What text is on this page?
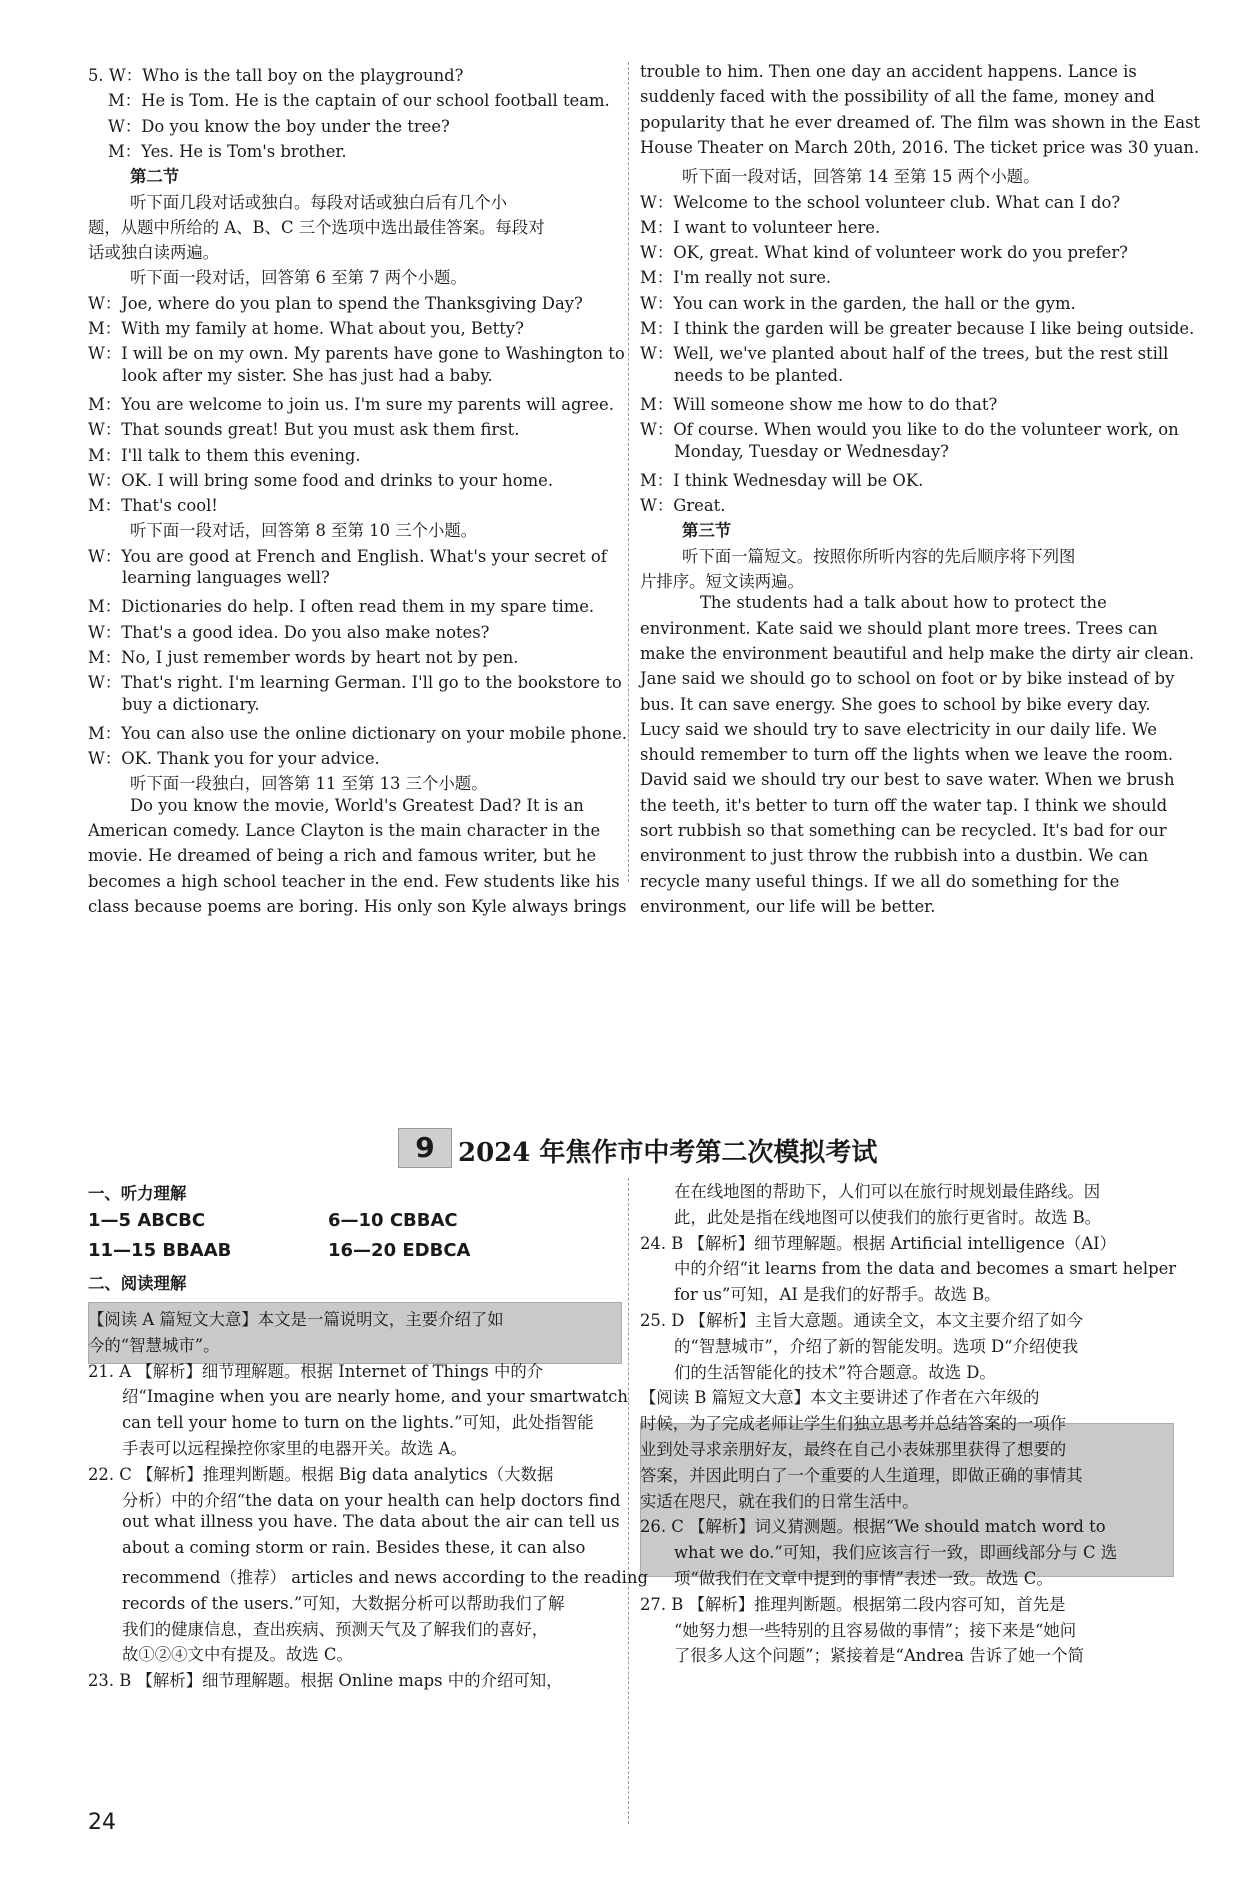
5. W：Who is the tall boy on the playground?
M：He is Tom. He is the captain of our school football team.
W：Do you know the boy under the tree?
M：Yes. He is Tom's brother.
第二节
听下面几段对话或独白。每段对话或独白后有几个小
题，从题中所给的 A、B、C 三个选项中选出最佳答案。每段对
话或独白读两遍。
听下面一段对话，回答第 6 至第 7 两个小题。
W：Joe, where do you plan to spend the Thanksgiving Day?
M：With my family at home. What about you, Betty?
W：I will be on my own. My parents have gone to Washington to
look after my sister. She has just had a baby.
M：You are welcome to join us. I'm sure my parents will agree.
W：That sounds great! But you must ask them first.
M：I'll talk to them this evening.
W：OK. I will bring some food and drinks to your home.
M：That's cool!
听下面一段对话，回答第 8 至第 10 三个小题。
W：You are good at French and English. What's your secret of
learning languages well?
M：Dictionaries do help. I often read them in my spare time.
W：That's a good idea. Do you also make notes?
M：No, I just remember words by heart not by pen.
W：That's right. I'm learning German. I'll go to the bookstore to
buy a dictionary.
M：You can also use the online dictionary on your mobile phone.
W：OK. Thank you for your advice.
听下面一段独白，回答第 11 至第 13 三个小题。
Do you know the movie, World's Greatest Dad? It is an
American comedy. Lance Clayton is the main character in the
movie. He dreamed of being a rich and famous writer, but he
becomes a high school teacher in the end. Few students like his
class because poems are boring. His only son Kyle always brings
trouble to him. Then one day an accident happens. Lance is
suddenly faced with the possibility of all the fame, money and
popularity that he ever dreamed of. The film was shown in the East
House Theater on March 20th, 2016. The ticket price was 30 yuan.
听下面一段对话，回答第 14 至第 15 两个小题。
W：Welcome to the school volunteer club. What can I do?
M：I want to volunteer here.
W：OK, great. What kind of volunteer work do you prefer?
M：I'm really not sure.
W：You can work in the garden, the hall or the gym.
M：I think the garden will be greater because I like being outside.
W：Well, we've planted about half of the trees, but the rest still
needs to be planted.
M：Will someone show me how to do that?
W：Of course. When would you like to do the volunteer work, on
Monday, Tuesday or Wednesday?
M：I think Wednesday will be OK.
W：Great.
第三节
听下面一篇短文。按照你所听内容的先后顺序将下列图
片排序。短文读两遍。
The students had a talk about how to protect the
environment. Kate said we should plant more trees. Trees can
make the environment beautiful and help make the dirty air clean.
Jane said we should go to school on foot or by bike instead of by
bus. It can save energy. She goes to school by bike every day.
Lucy said we should try to save electricity in our daily life. We
should remember to turn off the lights when we leave the room.
David said we should try our best to save water. When we brush
the teeth, it's better to turn off the water tap. I think we should
sort rubbish so that something can be recycled. It's bad for our
environment to just throw the rubbish into a dustbin. We can
recycle many useful things. If we all do something for the
environment, our life will be better.
9 2024 年焦作市中考第二次模拟考试
一、听力理解
1—5 ABCBC	6—10 CBBAC
11—15 BBAAB	16—20 EDBCA
二、阅读理解
【阅读 A 篇短文大意】本文是一篇说明文，主要介绍了如
今的“智慧城市”。
21. A 【解析】细节理解题。根据 Internet of Things 中的介
绍“Imagine when you are nearly home, and your smartwatch
can tell your home to turn on the lights.”可知，此处指智能
手表可以远程操控你家里的电器开关。故选 A。
22. C 【解析】推理判断题。根据 Big data analytics（大数据
分析）中的介绍“the data on your health can help doctors find
out what illness you have. The data about the air can tell us
about a coming storm or rain. Besides these, it can also
recommend（推荐） articles and news according to the reading
records of the users.”可知，大数据分析可以帮助我们了解
我们的健康信息，查出疾病、预测天气及了解我们的喜好，
故①②④文中有提及。故选 C。
23. B 【解析】细节理解题。根据 Online maps 中的介绍可知，
在在线地图的帮助下，人们可以在旅行时规划最佳路线。因
此，此处是指在线地图可以使我们的旅行更省时。故选 B。
24. B 【解析】细节理解题。根据 Artificial intelligence（AI）
中的介绍“it learns from the data and becomes a smart helper
for us”可知，AI 是我们的好帮手。故选 B。
25. D 【解析】主旨大意题。通读全文，本文主要介绍了如今
的“智慧城市”，介绍了新的智能发明。选项 D“介绍使我
们的生活智能化的技术”符合题意。故选 D。
【阅读 B 篇短文大意】本文主要讲述了作者在六年级的
时候，为了完成老师让学生们独立思考并总结答案的一项作
业到处寻求亲朋好友，最终在自己小表妹那里获得了想要的
答案，并因此明白了一个重要的人生道理，即做正确的事情其
实适在咫尺，就在我们的日常生活中。
26. C 【解析】词义猜测题。根据“We should match word to
what we do.”可知，我们应该言行一致，即画线部分与 C 选
项“做我们在文章中提到的事情”表述一致。故选 C。
27. B 【解析】推理判断题。根据第二段内容可知，首先是
“她努力想一些特别的且容易做的事情”；接下来是“她问
了很多人这个问题”；紧接着是“Andrea 告诉了她一个简
24
